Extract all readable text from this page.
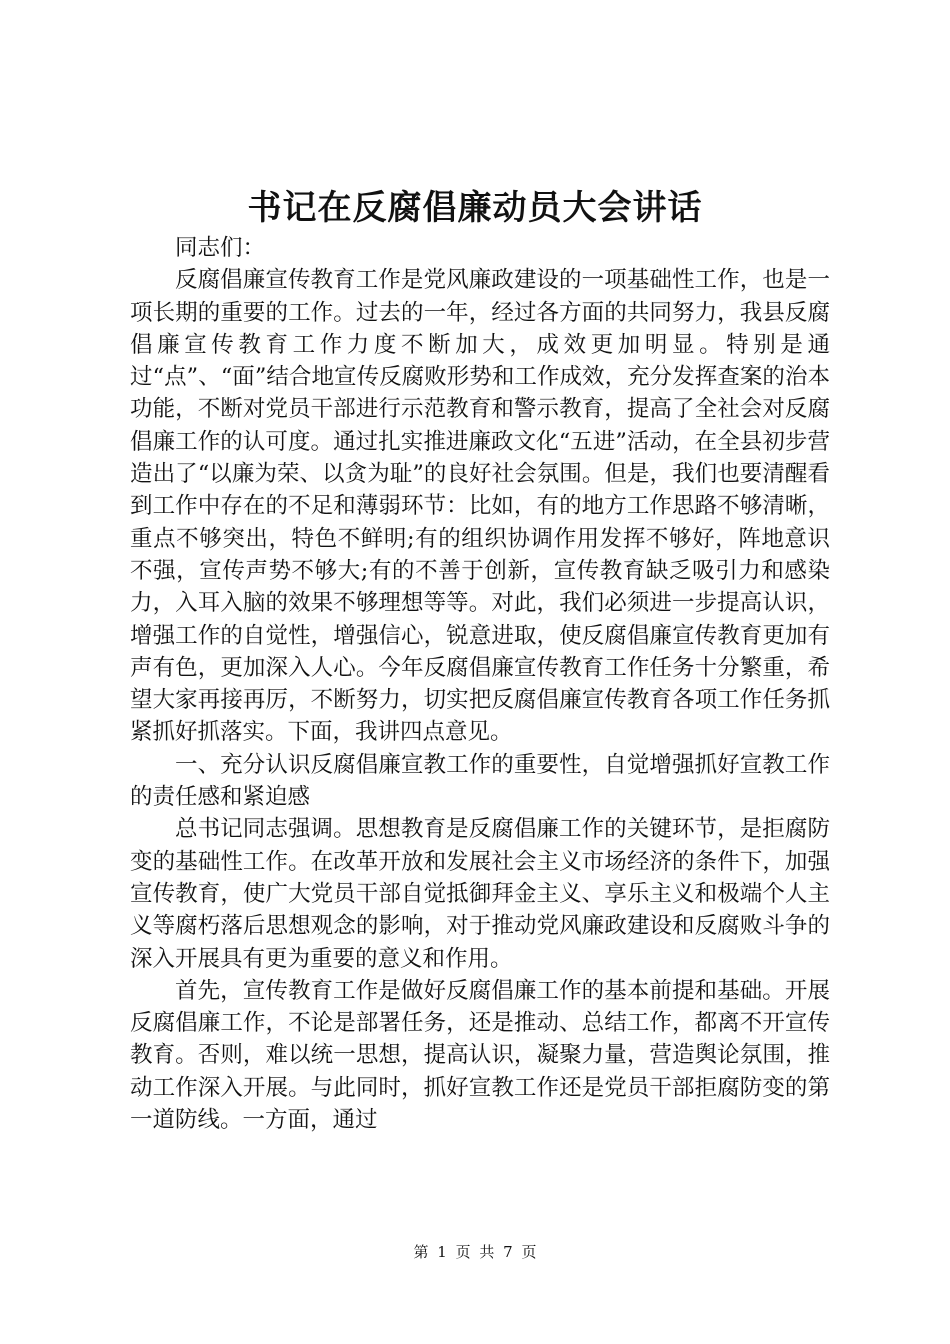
书记在反腐倡廉动员大会讲话

同志们：

反腐倡廉宣传教育工作是党风廉政建设的一项基础性工作，也是一项长期的重要的工作。过去的一年，经过各方面的共同努力，我县反腐倡廉宣传教育工作力度不断加大，成效更加明显。特别是通过“点”、“面”结合地宣传反腐败形势和工作成效，充分发挥查案的治本功能，不断对党员干部进行示范教育和警示教育，提高了全社会对反腐倡廉工作的认可度。通过扎实推进廉政文化“五进”活动，在全县初步营造出了“以廉为荣、以贪为耻”的良好社会氛围。但是，我们也要清醒看到工作中存在的不足和薄弱环节：比如，有的地方工作思路不够清晰，重点不够突出，特色不鲜明;有的组织协调作用发挥不够好，阵地意识不强，宣传声势不够大;有的不善于创新，宣传教育缺乏吸引力和感染力，入耳入脑的效果不够理想等等。对此，我们必须进一步提高认识，增强工作的自觉性，增强信心，锐意进取，使反腐倡廉宣传教育更加有声有色，更加深入人心。今年反腐倡廉宣传教育工作任务十分繁重，希望大家再接再厉，不断努力，切实把反腐倡廉宣传教育各项工作任务抓紧抓好抓落实。下面，我讲四点意见。

一、充分认识反腐倡廉宣教工作的重要性，自觉增强抓好宣教工作的责任感和紧迫感

总书记同志强调。思想教育是反腐倡廉工作的关键环节，是拒腐防变的基础性工作。在改革开放和发展社会主义市场经济的条件下，加强宣传教育，使广大党员干部自觉抵御拜金主义、享乐主义和极端个人主义等腐朽落后思想观念的影响，对于推动党风廉政建设和反腐败斗争的深入开展具有更为重要的意义和作用。

首先，宣传教育工作是做好反腐倡廉工作的基本前提和基础。开展反腐倡廉工作，不论是部署任务，还是推动、总结工作，都离不开宣传教育。否则，难以统一思想，提高认识，凝聚力量，营造舆论氛围，推动工作深入开展。与此同时，抓好宣教工作还是党员干部拒腐防变的第一道防线。一方面，通过

第 1 页 共 7 页
